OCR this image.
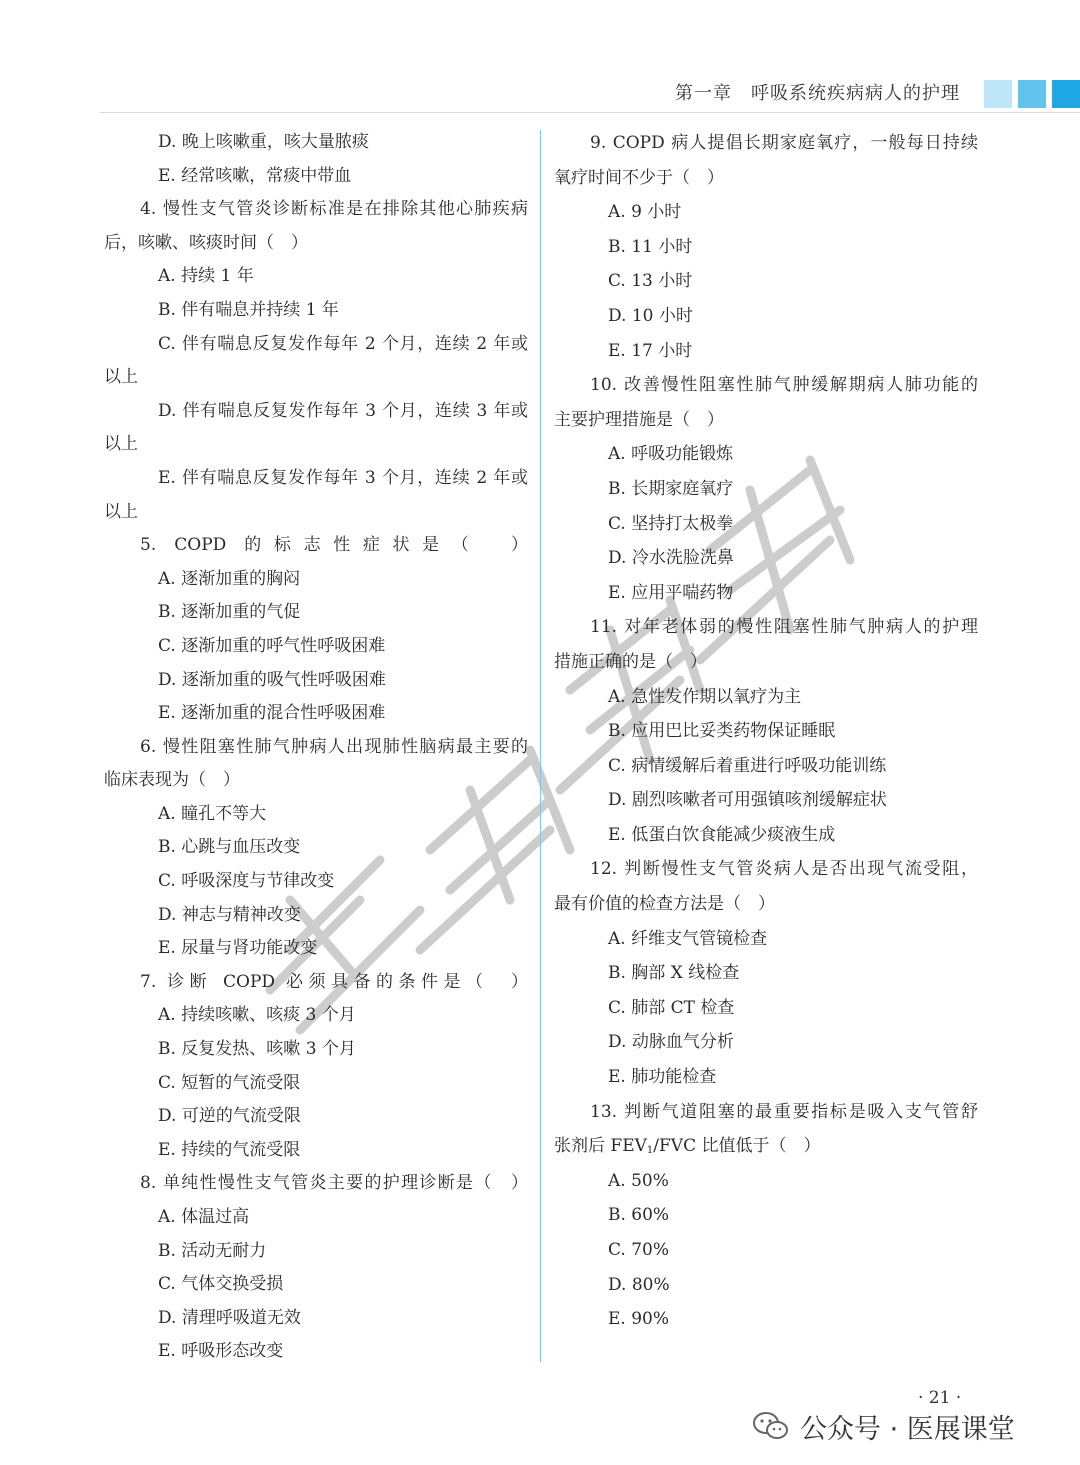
第一章　呼吸系统疾病病人的护理
D. 晚上咳嗽重，咳大量脓痰
E. 经常咳嗽，常痰中带血
4. 慢性支气管炎诊断标准是在排除其他心肺疾病
后，咳嗽、咳痰时间（　）
A. 持续 1 年
B. 伴有喘息并持续 1 年
C. 伴有喘息反复发作每年 2 个月，连续 2 年或
以上
D. 伴有喘息反复发作每年 3 个月，连续 3 年或
以上
E. 伴有喘息反复发作每年 3 个月，连续 2 年或
以上
5. COPD 的标志性症状是（　）
A. 逐渐加重的胸闷
B. 逐渐加重的气促
C. 逐渐加重的呼气性呼吸困难
D. 逐渐加重的吸气性呼吸困难
E. 逐渐加重的混合性呼吸困难
6. 慢性阻塞性肺气肿病人出现肺性脑病最主要的
临床表现为（　）
A. 瞳孔不等大
B. 心跳与血压改变
C. 呼吸深度与节律改变
D. 神志与精神改变
E. 尿量与肾功能改变
7. 诊断 COPD 必须具备的条件是（　）
A. 持续咳嗽、咳痰 3 个月
B. 反复发热、咳嗽 3 个月
C. 短暂的气流受限
D. 可逆的气流受限
E. 持续的气流受限
8. 单纯性慢性支气管炎主要的护理诊断是（　）
A. 体温过高
B. 活动无耐力
C. 气体交换受损
D. 清理呼吸道无效
E. 呼吸形态改变
9. COPD 病人提倡长期家庭氧疗，一般每日持续
氧疗时间不少于（　）
A. 9 小时
B. 11 小时
C. 13 小时
D. 10 小时
E. 17 小时
10. 改善慢性阻塞性肺气肿缓解期病人肺功能的
主要护理措施是（　）
A. 呼吸功能锻炼
B. 长期家庭氧疗
C. 坚持打太极拳
D. 冷水洗脸洗鼻
E. 应用平喘药物
11. 对年老体弱的慢性阻塞性肺气肿病人的护理
措施正确的是（　）
A. 急性发作期以氧疗为主
B. 应用巴比妥类药物保证睡眠
C. 病情缓解后着重进行呼吸功能训练
D. 剧烈咳嗽者可用强镇咳剂缓解症状
E. 低蛋白饮食能减少痰液生成
12. 判断慢性支气管炎病人是否出现气流受阻，
最有价值的检查方法是（　）
A. 纤维支气管镜检查
B. 胸部 X 线检查
C. 肺部 CT 检查
D. 动脉血气分析
E. 肺功能检查
13. 判断气道阻塞的最重要指标是吸入支气管舒
张剂后 $FEV_1$/FVC 比值低于（　）
A. 50%
B. 60%
C. 70%
D. 80%
E. 90%
· 21 ·
公众号 · 医展课堂
